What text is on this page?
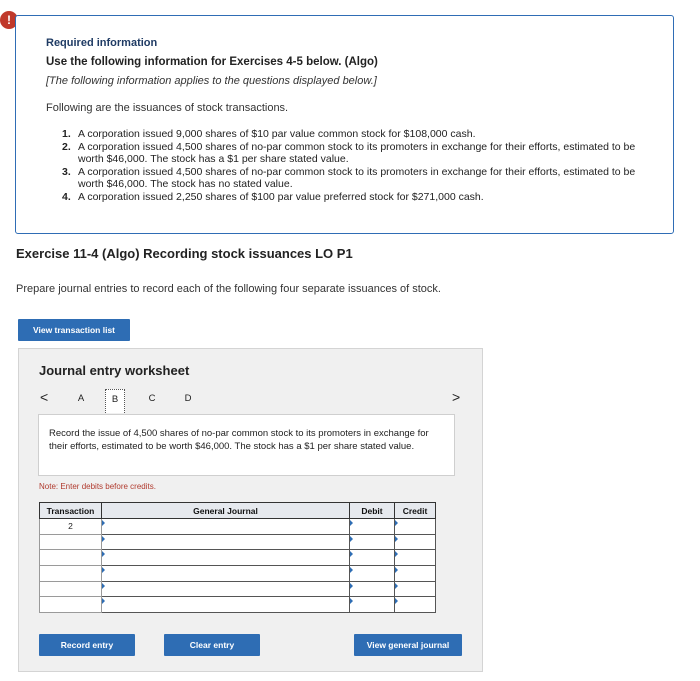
!
Required information
Use the following information for Exercises 4-5 below. (Algo)
[The following information applies to the questions displayed below.]
Following are the issuances of stock transactions.
1. A corporation issued 9,000 shares of $10 par value common stock for $108,000 cash.
2. A corporation issued 4,500 shares of no-par common stock to its promoters in exchange for their efforts, estimated to be worth $46,000. The stock has a $1 per share stated value.
3. A corporation issued 4,500 shares of no-par common stock to its promoters in exchange for their efforts, estimated to be worth $46,000. The stock has no stated value.
4. A corporation issued 2,250 shares of $100 par value preferred stock for $271,000 cash.
Exercise 11-4 (Algo) Recording stock issuances LO P1
Prepare journal entries to record each of the following four separate issuances of stock.
View transaction list
Journal entry worksheet
<	A	B	C	D	>
Record the issue of 4,500 shares of no-par common stock to its promoters in exchange for their efforts, estimated to be worth $46,000. The stock has a $1 per share stated value.
Note: Enter debits before credits.
Transaction	General Journal	Debit	Credit
2			

Record entry	Clear entry	View general journal
